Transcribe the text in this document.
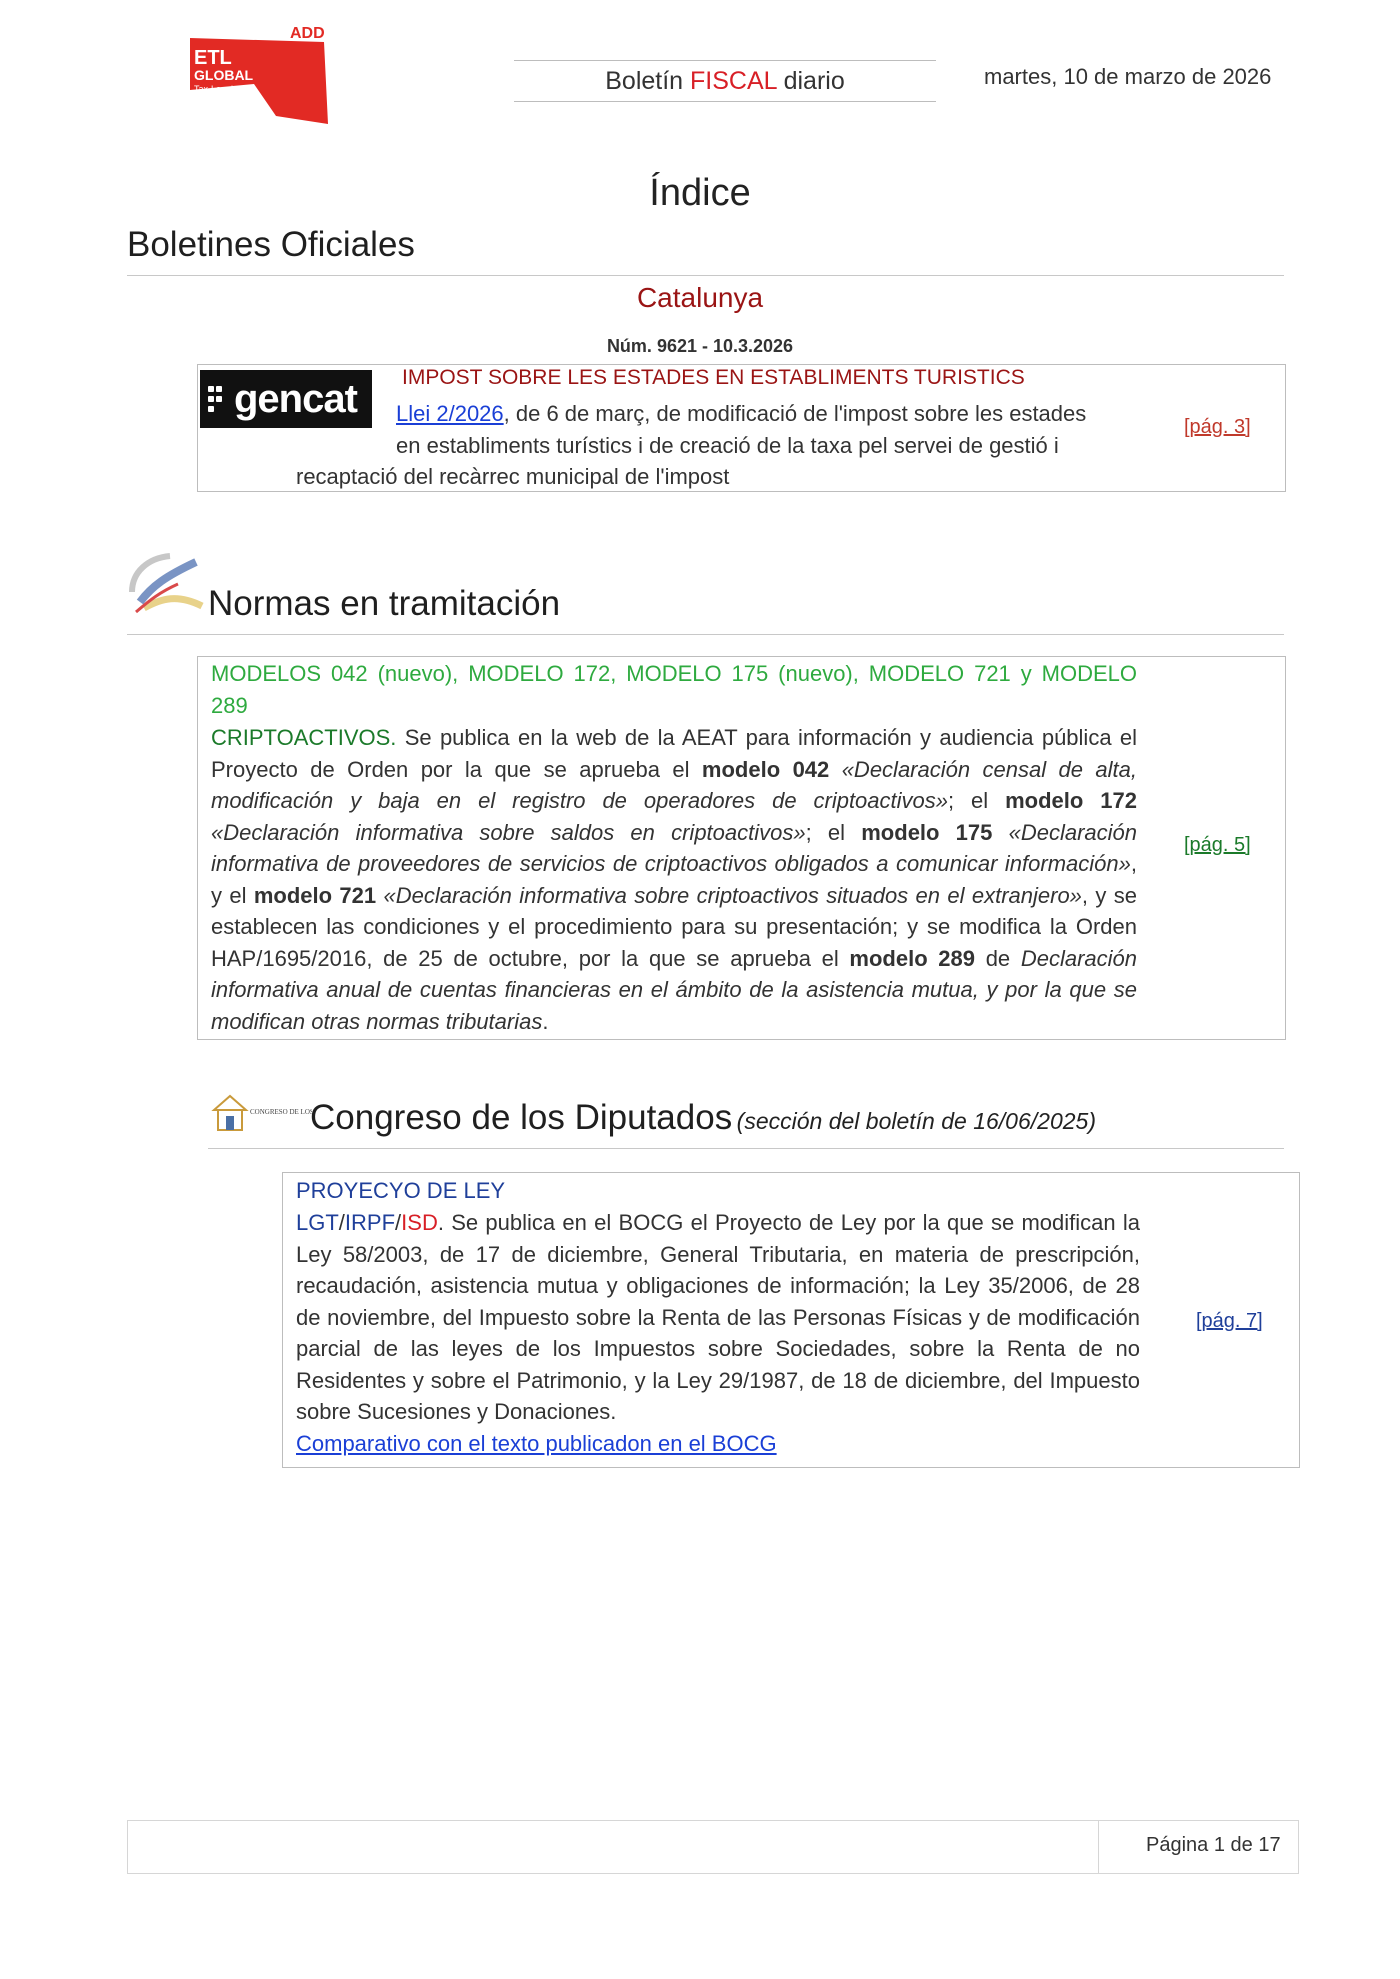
ADD
ETL
GLOBAL
Tax-Legal	Boletín FISCAL diario	martes, 10 de marzo de 2026
Índice
Boletines Oficiales
Catalunya
Núm. 9621 - 10.3.2026
gencat IMPOST SOBRE LES ESTADES EN ESTABLIMENTS TURISTICS
Llei 2/2026, de 6 de març, de modificació de l'impost sobre les estades
en establiments turístics i de creació de la taxa pel servei de gestió i
recaptació del recàrrec municipal de l'impost
[pág. 3]
Normas en tramitación
MODELOS 042 (nuevo), MODELO 172, MODELO 175 (nuevo), MODELO 721 y MODELO 289
CRIPTOACTIVOS. Se publica en la web de la AEAT para información y audiencia pública el Proyecto de Orden por la que se aprueba el modelo 042 «Declaración censal de alta, modificación y baja en el registro de operadores de criptoactivos»; el modelo 172 «Declaración informativa sobre saldos en criptoactivos»; el modelo 175 «Declaración informativa de proveedores de servicios de criptoactivos obligados a comunicar información», y el modelo 721 «Declaración informativa sobre criptoactivos situados en el extranjero», y se establecen las condiciones y el procedimiento para su presentación; y se modifica la Orden HAP/1695/2016, de 25 de octubre, por la que se aprueba el modelo 289 de Declaración informativa anual de cuentas financieras en el ámbito de la asistencia mutua, y por la que se modifican otras normas tributarias.
[pág. 5]
CONGRESO DE LOS
Congreso de los Diputados (sección del boletín de 16/06/2025)
PROYECYO DE LEY
LGT/IRPF/ISD. Se publica en el BOCG el Proyecto de Ley por la que se modifican la Ley 58/2003, de 17 de diciembre, General Tributaria, en materia de prescripción, recaudación, asistencia mutua y obligaciones de información; la Ley 35/2006, de 28 de noviembre, del Impuesto sobre la Renta de las Personas Físicas y de modificación parcial de las leyes de los Impuestos sobre Sociedades, sobre la Renta de no Residentes y sobre el Patrimonio, y la Ley 29/1987, de 18 de diciembre, del Impuesto sobre Sucesiones y Donaciones.
Comparativo con el texto publicadon en el BOCG
[pág. 7]
Página 1 de 17
